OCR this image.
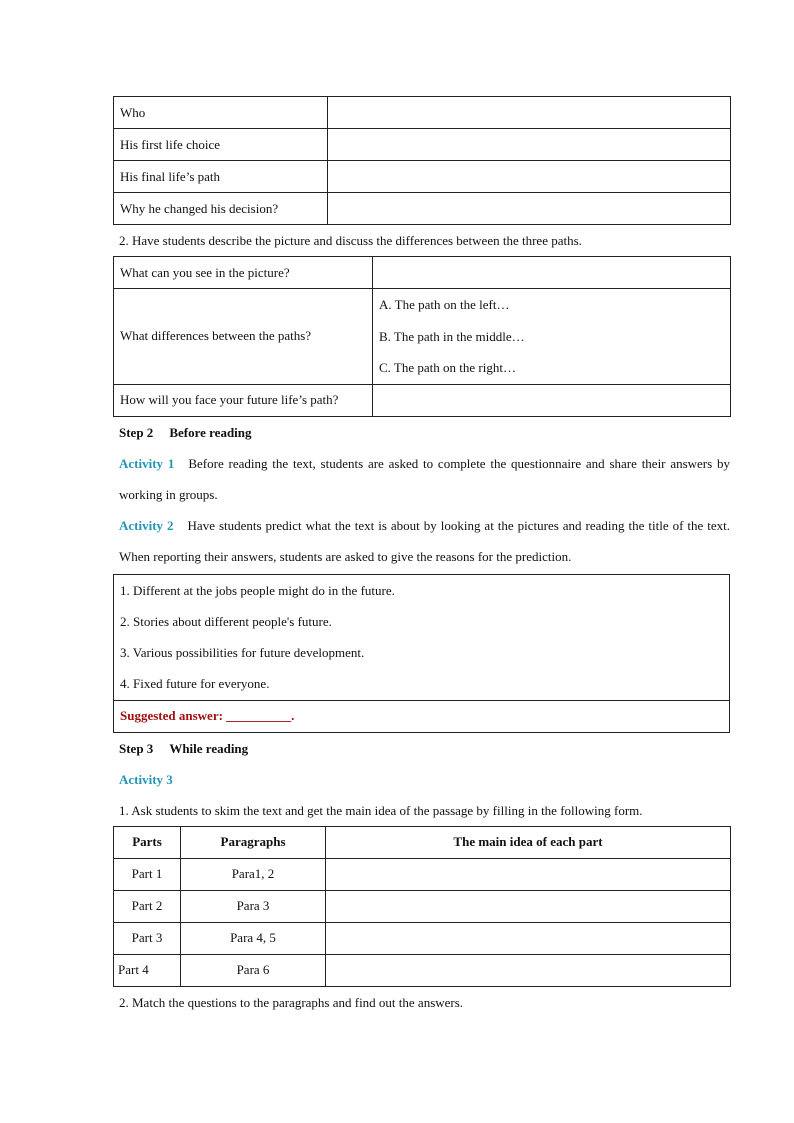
Who	
His first life choice	
His final life’s path	
Why he changed his decision?	

2. Have students describe the picture and discuss the differences between the three paths.

What can you see in the picture?	
What differences between the paths?	A. The path on the left…
B. The path in the middle…
C. The path on the right…

How will you face your future life’s path?	

Step 2 Before reading

Activity 1 Before reading the text, students are asked to complete the questionnaire and share their answers by working in groups.

Activity 2 Have students predict what the text is about by looking at the pictures and reading the title of the text. When reporting their answers, students are asked to give the reasons for the prediction.

1. Different at the jobs people might do in the future.
2. Stories about different people's future.
3. Various possibilities for future development.
4. Fixed future for everyone.

Suggested answer: __________.

Step 3 While reading

Activity 3

1. Ask students to skim the text and get the main idea of the passage by filling in the following form.

Parts	Paragraphs	The main idea of each part
Part 1	Para1, 2	
Part 2	Para 3	
Part 3	Para 4, 5	
Part 4	Para 6	

2. Match the questions to the paragraphs and find out the answers.
